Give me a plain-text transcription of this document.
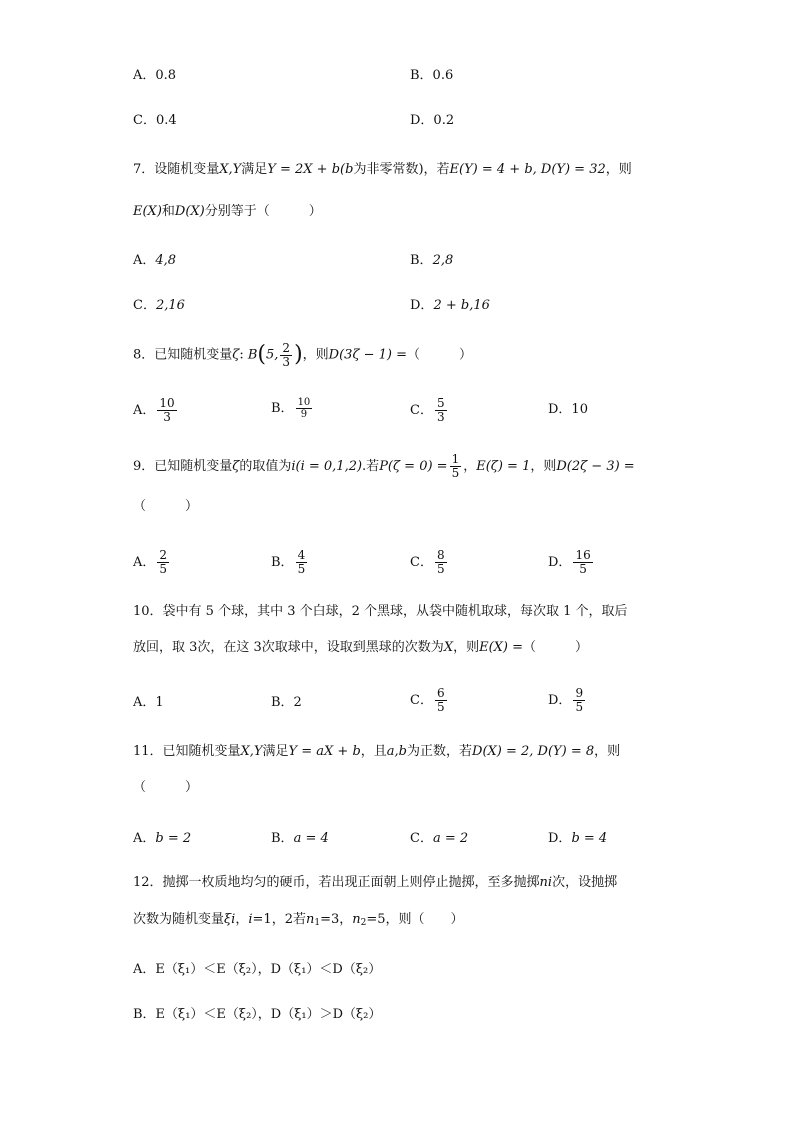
A．0.8	B．0.6
C．0.4	D．0.2
7．设随机变量X,Y满足Y = 2X + b(b为非零常数)，若E(Y) = 4 + b, D(Y) = 32，则
E(X)和D(X)分别等于（　　　）
A．4,8	B．2,8
C．2,16	D．2 + b,16
8．已知随机变量ζ: B(5, $\frac{2}{3}$ )，则D(3ζ − 1) =（　　　）
A． $\frac{10}{3}$	B． $\frac{10}{9}$	C． $\frac{5}{3}$	D．10
9．已知随机变量ζ的取值为i(i = 0,1,2).若$P(\zeta = 0) = \frac{1}{5}$ ，E(ζ) = 1，则D(2ζ − 3) =
（　　　）
A． $\frac{2}{5}$	B． $\frac{4}{5}$	C． $\frac{8}{5}$	D． $\frac{16}{5}$
10．袋中有 5 个球，其中 3 个白球，2 个黑球，从袋中随机取球，每次取 1 个，取后
放回，取 3次，在这 3次取球中，设取到黑球的次数为X，则E(X) =（　　　）
A．1	B．2	C． $\frac{6}{5}$	D． $\frac{9}{5}$
11．已知随机变量X,Y满足Y = aX + b，且a,b为正数，若D(X) = 2, D(Y) = 8，则
（　　　）
A．b = 2	B．a = 4	C．a = 2	D．b = 4
12．抛掷一枚质地均匀的硬币，若出现正面朝上则停止抛掷，至多抛掷ni次，设抛掷
次数为随机变量ξi，i=1，2若$n_1=3$，$n_2=5$，则（　　）
A．E（ξ₁）＜E（ξ₂），D（ξ₁）＜D（ξ₂）
B．E（ξ₁）＜E（ξ₂），D（ξ₁）＞D（ξ₂）
